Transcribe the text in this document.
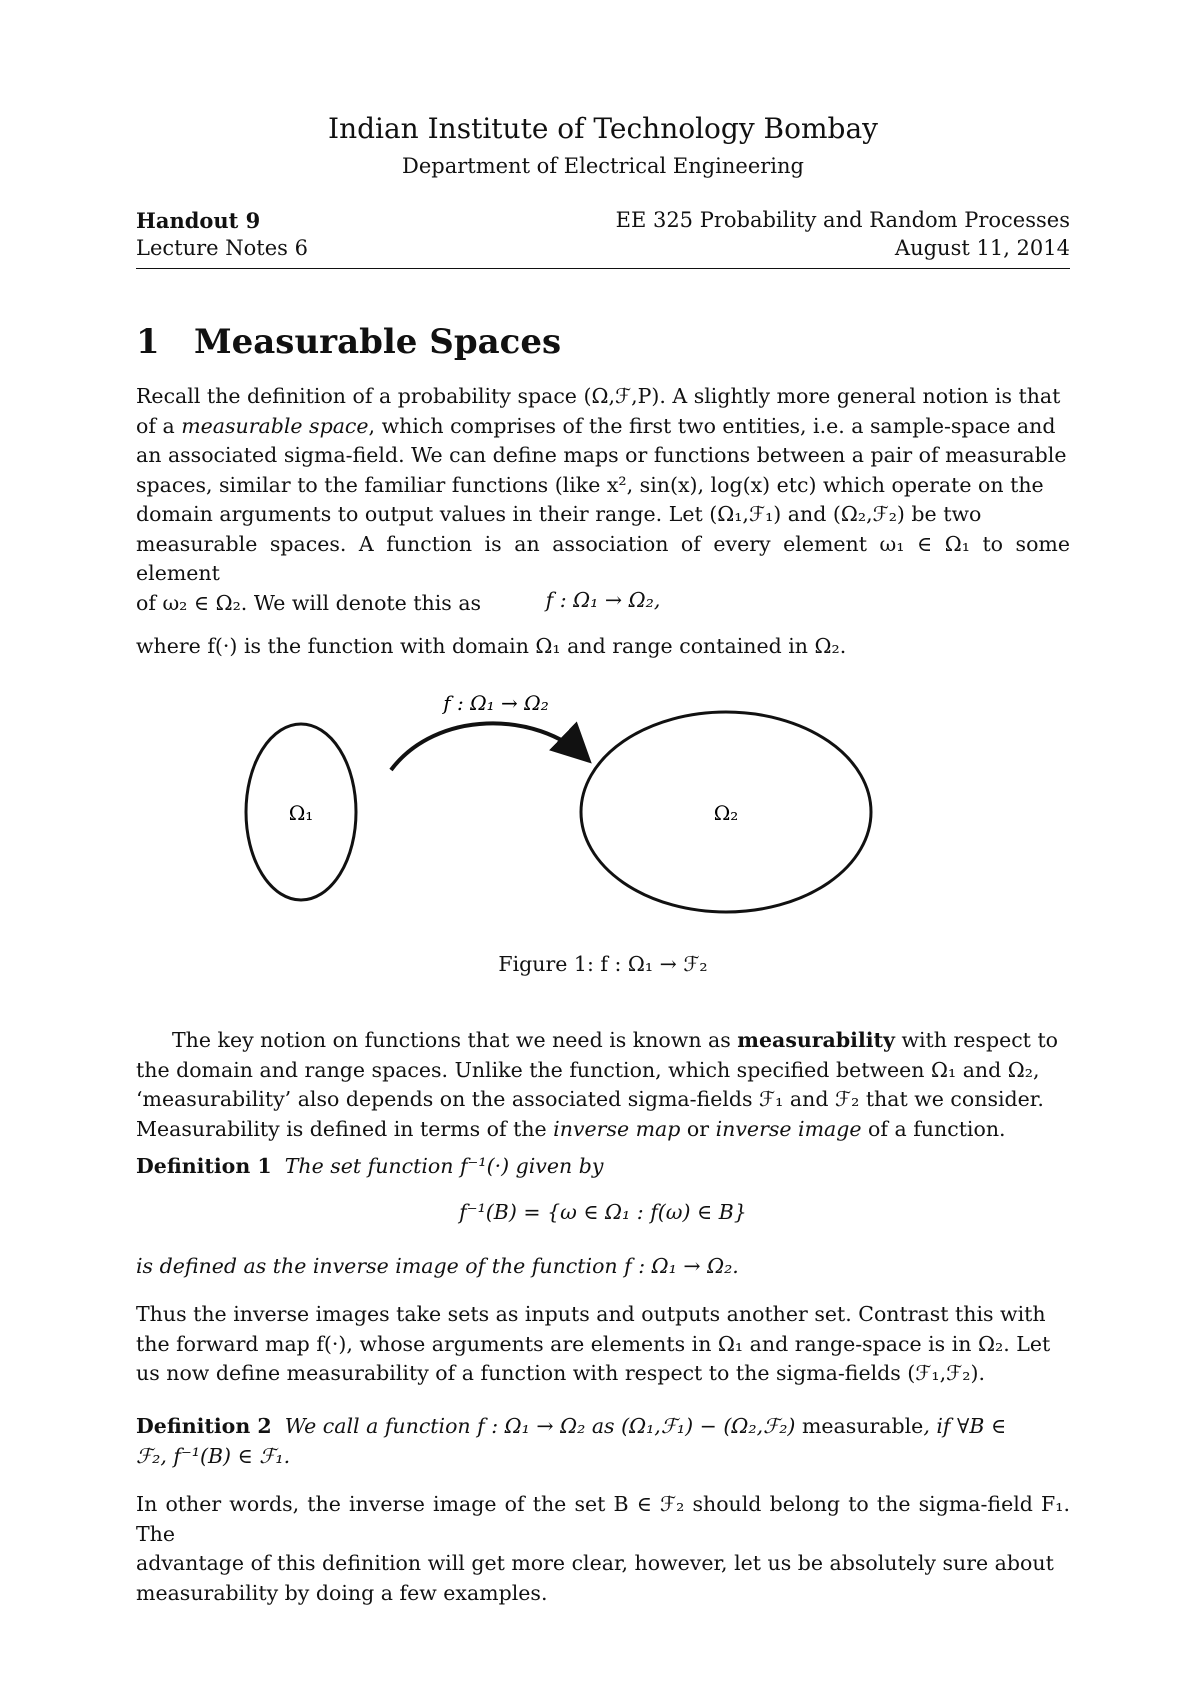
Indian Institute of Technology Bombay
Department of Electrical Engineering
Handout 9	EE 325 Probability and Random Processes
Lecture Notes 6	August 11, 2014
1 Measurable Spaces
Recall the definition of a probability space (Ω,ℱ,P). A slightly more general notion is that
of a measurable space, which comprises of the first two entities, i.e. a sample-space and
an associated sigma-field. We can define maps or functions between a pair of measurable
spaces, similar to the familiar functions (like x², sin(x), log(x) etc) which operate on the
domain arguments to output values in their range. Let (Ω₁,ℱ₁) and (Ω₂,ℱ₂) be two
measurable spaces. A function is an association of every element ω₁ ∈ Ω₁ to some element
of ω₂ ∈ Ω₂. We will denote this as	f : Ω₁ → Ω₂,
where f(·) is the function with domain Ω₁ and range contained in Ω₂.
f : Ω₁ → Ω₂
Ω₁	Ω₂
Figure 1: f : Ω₁ → ℱ₂
The key notion on functions that we need is known as measurability with respect to
the domain and range spaces. Unlike the function, which specified between Ω₁ and Ω₂,
‘measurability’ also depends on the associated sigma-fields ℱ₁ and ℱ₂ that we consider.
Measurability is defined in terms of the inverse map or inverse image of a function.
Definition 1 The set function f⁻¹(·) given by
f⁻¹(B) = {ω ∈ Ω₁ : f(ω) ∈ B}
is defined as the inverse image of the function f : Ω₁ → Ω₂.
Thus the inverse images take sets as inputs and outputs another set. Contrast this with
the forward map f(·), whose arguments are elements in Ω₁ and range-space is in Ω₂. Let
us now define measurability of a function with respect to the sigma-fields (ℱ₁,ℱ₂).
Definition 2 We call a function f : Ω₁ → Ω₂ as (Ω₁,ℱ₁) − (Ω₂,ℱ₂) measurable, if ∀B ∈
ℱ₂, f⁻¹(B) ∈ ℱ₁.
In other words, the inverse image of the set B ∈ ℱ₂ should belong to the sigma-field F₁. The
advantage of this definition will get more clear, however, let us be absolutely sure about
measurability by doing a few examples.
